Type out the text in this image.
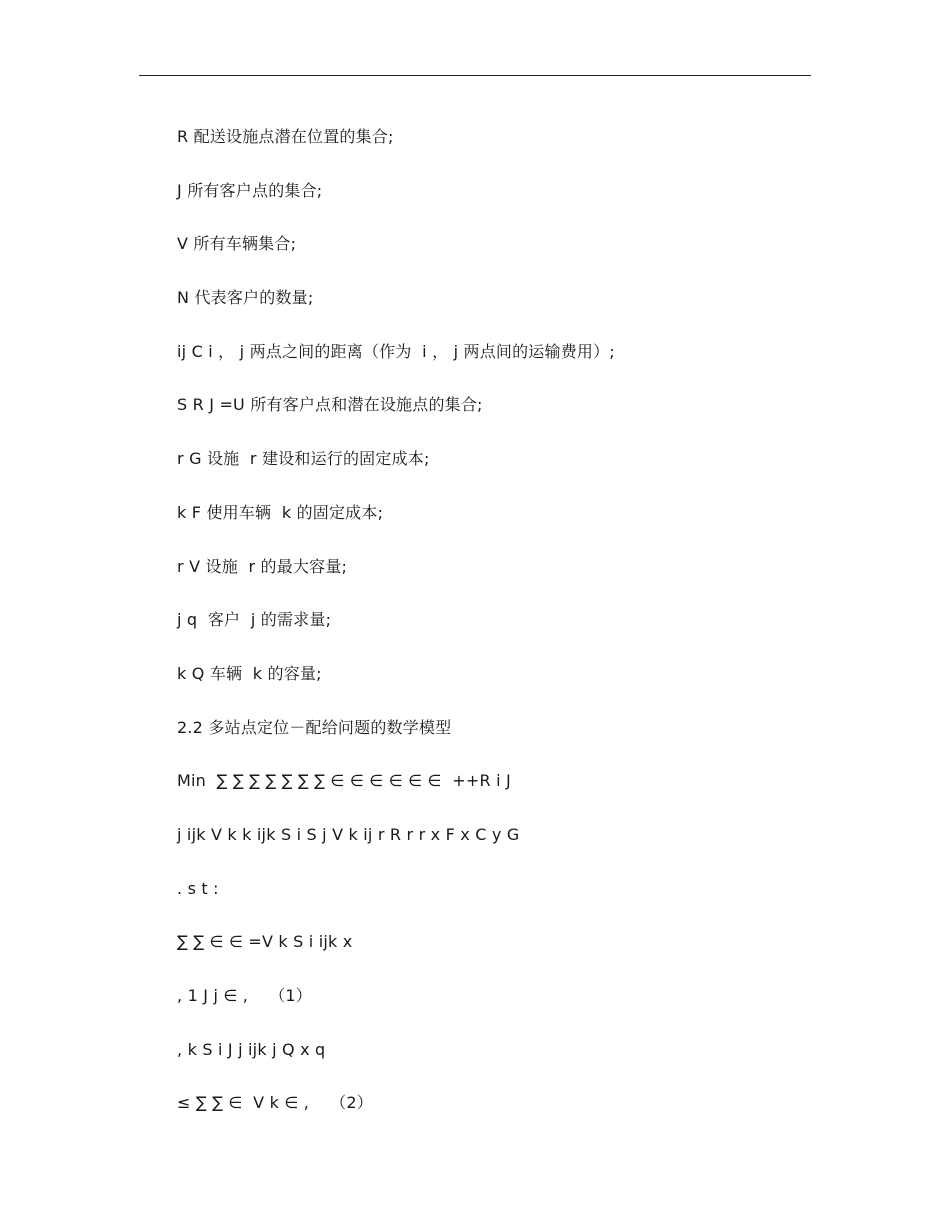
R 配送设施点潜在位置的集合;
J 所有客户点的集合;
V 所有车辆集合;
N 代表客户的数量;
ij C i ， j 两点之间的距离（作为  i ， j 两点间的运输费用）;
S R J =U 所有客户点和潜在设施点的集合;
r G 设施  r 建设和运行的固定成本;
k F 使用车辆  k 的固定成本;
r V 设施  r 的最大容量;
j q  客户  j 的需求量;
k Q 车辆  k 的容量;
2.2 多站点定位－配给问题的数学模型
Min  ∑ ∑ ∑ ∑ ∑ ∑ ∑ ∈ ∈ ∈ ∈ ∈ ∈  ++R i J
j ijk V k k ijk S i S j V k ij r R r r x F x C y G
. s t :
∑ ∑ ∈ ∈ =V k S i ijk x
, 1 J j ∈ ,    （1）
, k S i J j ijk j Q x q
≤ ∑ ∑ ∈  V k ∈ ,    （2）
